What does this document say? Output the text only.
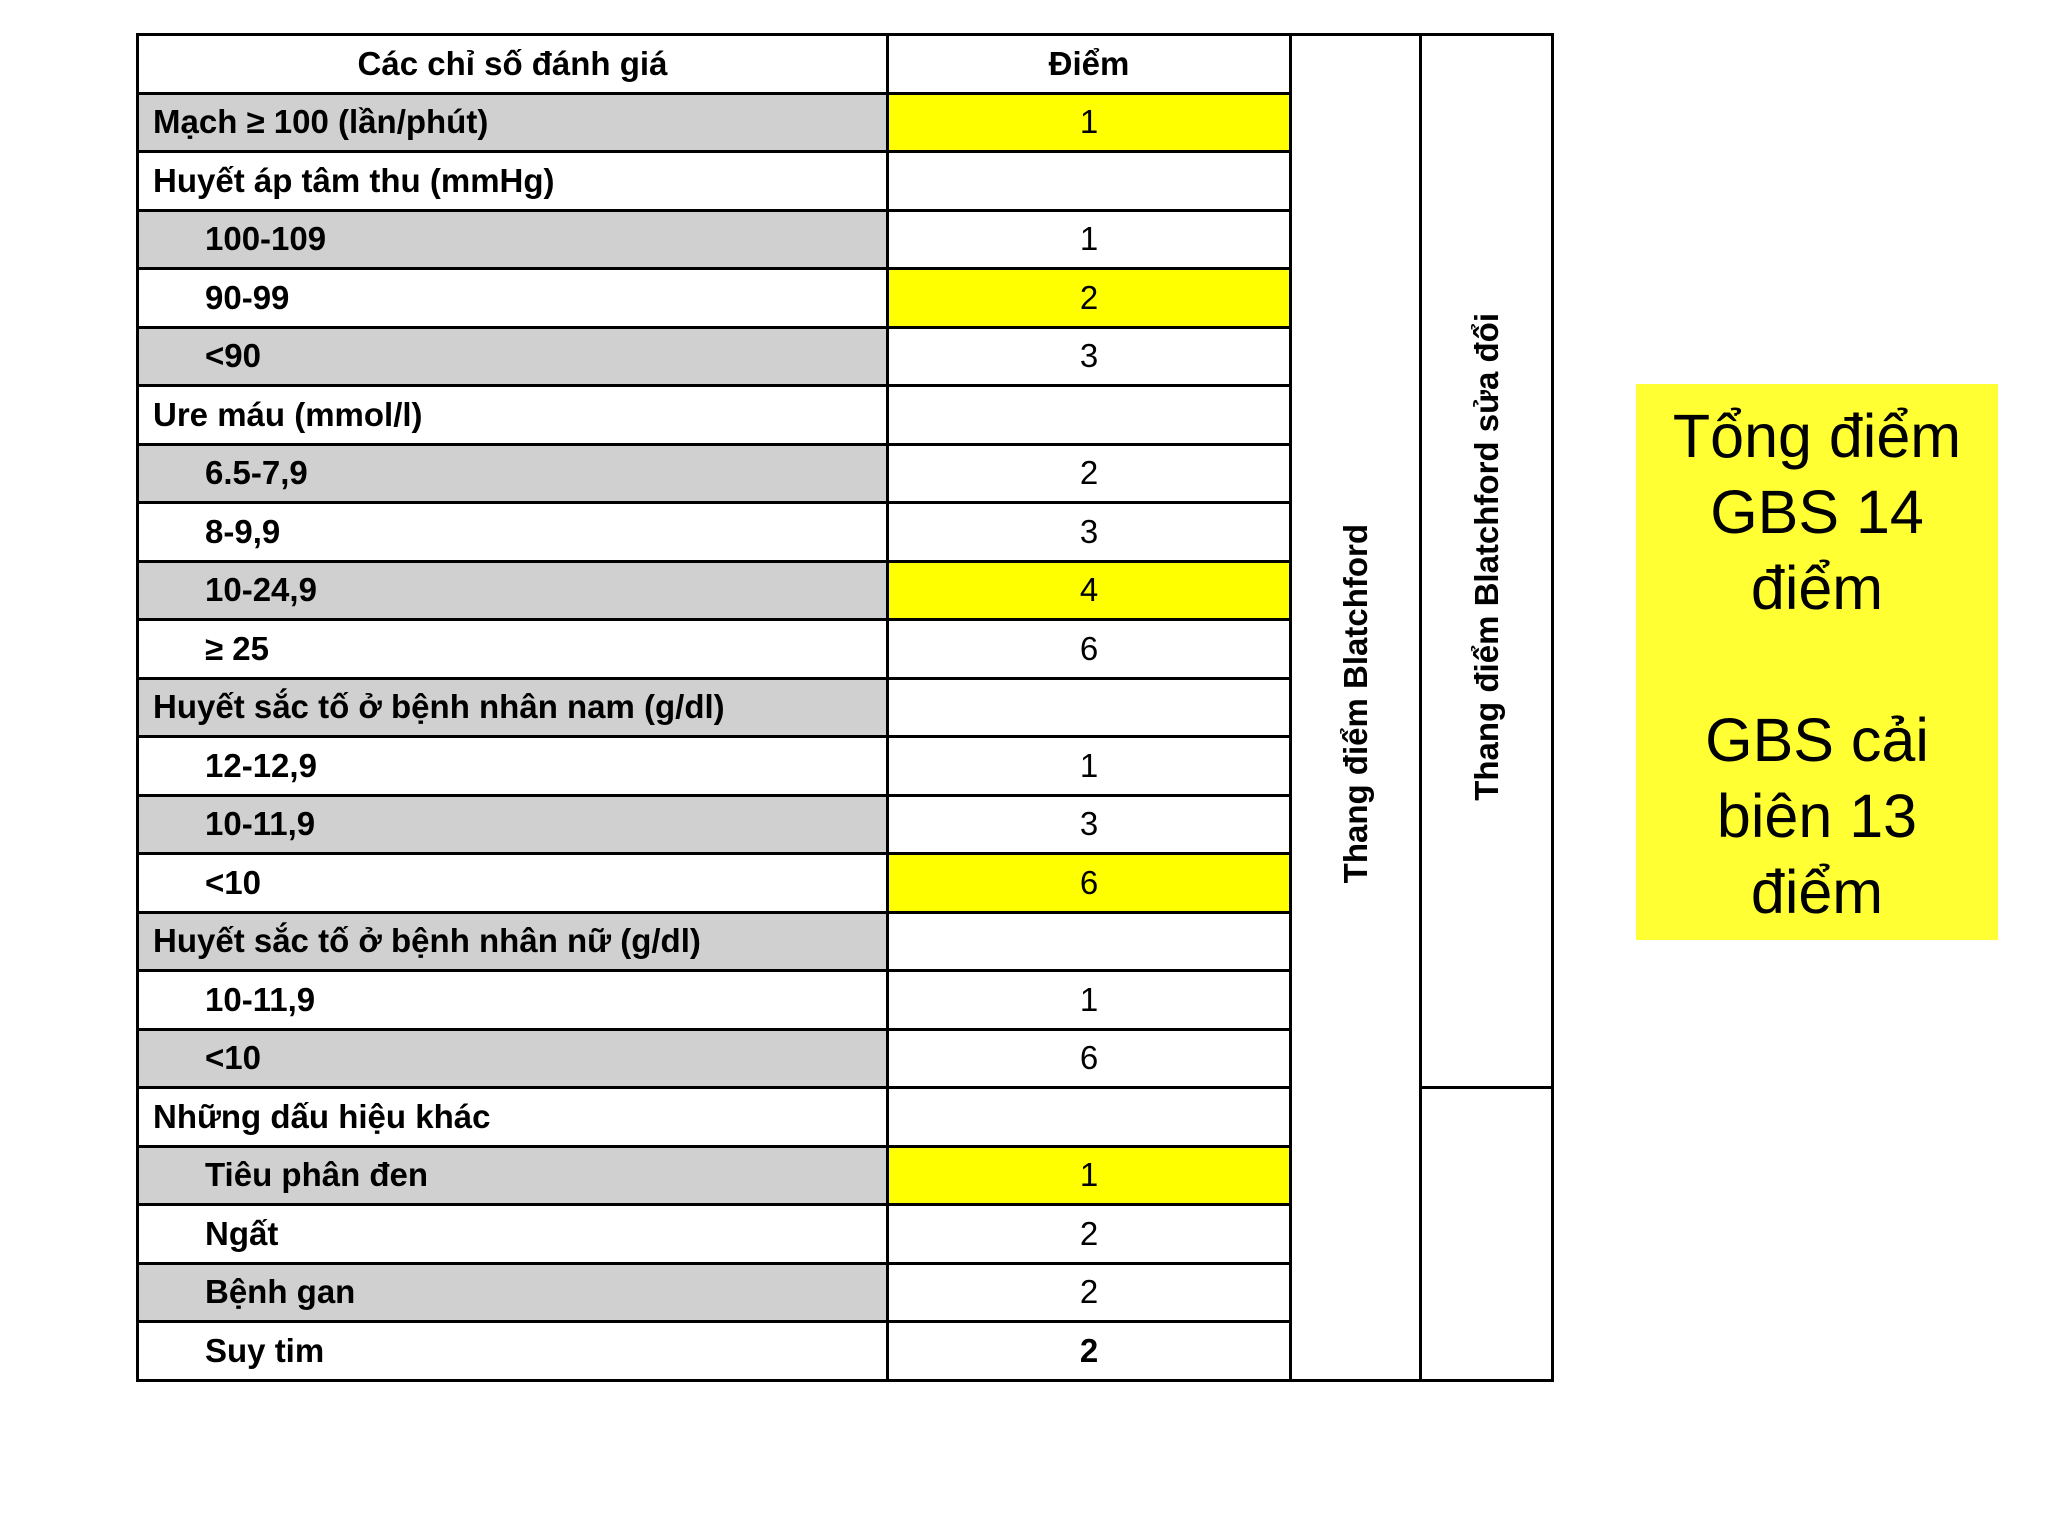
Các chỉ số đánh giá	Điểm	Thang điểm Blatchford	Thang điểm Blatchford sửa đổi
Mạch ≥ 100 (lần/phút)	1		
Huyết áp tâm thu (mmHg)			
100-109	1		
90-99	2		
<90	3		
Ure máu (mmol/l)			
6.5-7,9	2		
8-9,9	3		
10-24,9	4		
≥ 25	6		
Huyết sắc tố ở bệnh nhân nam (g/dl)			
12-12,9	1		
10-11,9	3		
<10	6		
Huyết sắc tố ở bệnh nhân nữ (g/dl)			
10-11,9	1		
<10	6		
Những dấu hiệu khác			
Tiêu phân đen	1		
Ngất	2		
Bệnh gan	2		
Suy tim	2		
Tổng điểm
GBS 14
điểm
GBS cải
biên 13
điểm
